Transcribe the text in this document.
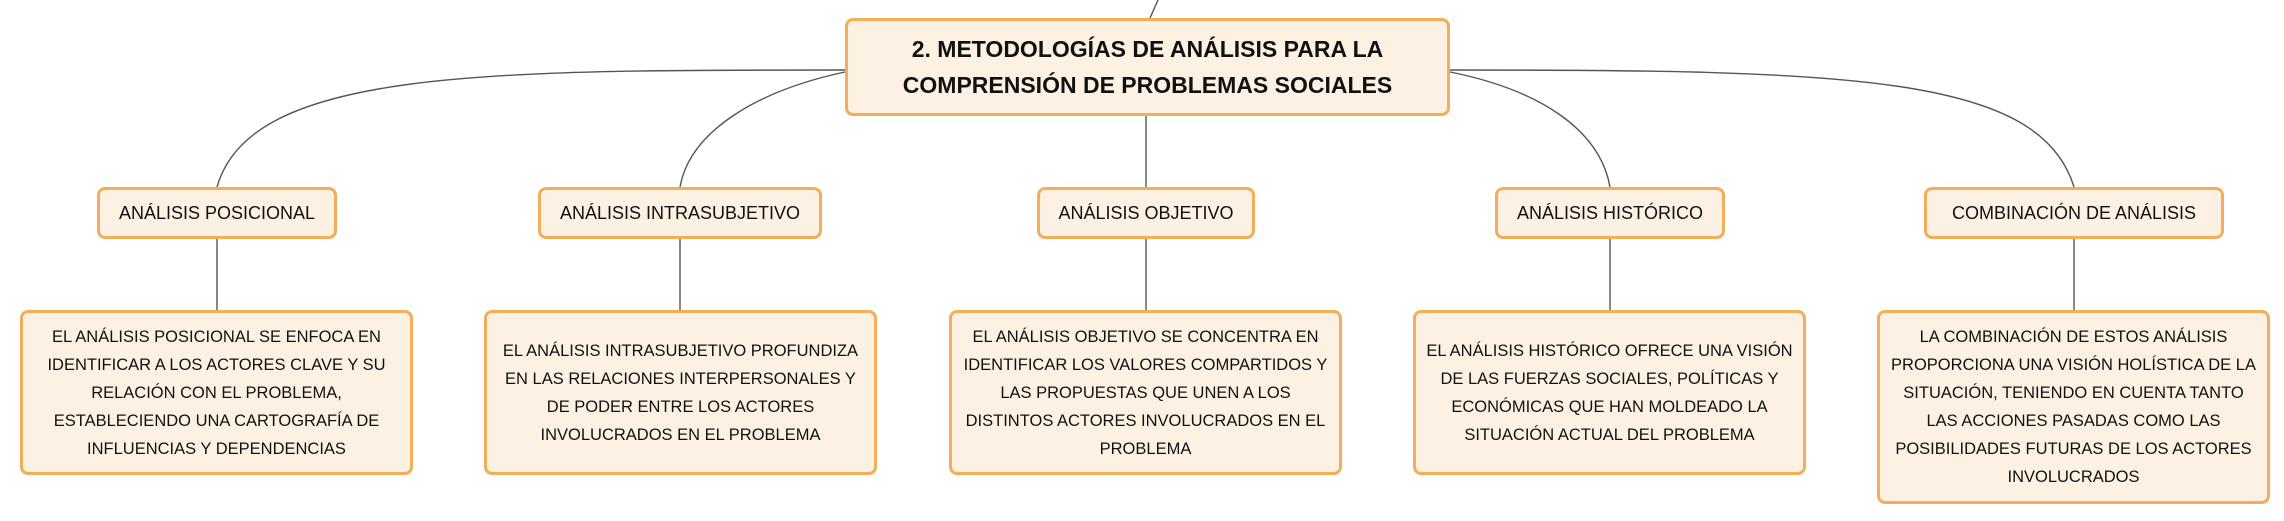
2. METODOLOGÍAS DE ANÁLISIS PARA LA COMPRENSIÓN DE PROBLEMAS SOCIALES
ANÁLISIS POSICIONAL	ANÁLISIS INTRASUBJETIVO	ANÁLISIS OBJETIVO	ANÁLISIS HISTÓRICO	COMBINACIÓN DE ANÁLISIS
EL ANÁLISIS POSICIONAL SE ENFOCA EN IDENTIFICAR A LOS ACTORES CLAVE Y SU RELACIÓN CON EL PROBLEMA, ESTABLECIENDO UNA CARTOGRAFÍA DE INFLUENCIAS Y DEPENDENCIAS
EL ANÁLISIS INTRASUBJETIVO PROFUNDIZA EN LAS RELACIONES INTERPERSONALES Y DE PODER ENTRE LOS ACTORES INVOLUCRADOS EN EL PROBLEMA
EL ANÁLISIS OBJETIVO SE CONCENTRA EN IDENTIFICAR LOS VALORES COMPARTIDOS Y LAS PROPUESTAS QUE UNEN A LOS DISTINTOS ACTORES INVOLUCRADOS EN EL PROBLEMA
EL ANÁLISIS HISTÓRICO OFRECE UNA VISIÓN DE LAS FUERZAS SOCIALES, POLÍTICAS Y ECONÓMICAS QUE HAN MOLDEADO LA SITUACIÓN ACTUAL DEL PROBLEMA
LA COMBINACIÓN DE ESTOS ANÁLISIS PROPORCIONA UNA VISIÓN HOLÍSTICA DE LA SITUACIÓN, TENIENDO EN CUENTA TANTO LAS ACCIONES PASADAS COMO LAS POSIBILIDADES FUTURAS DE LOS ACTORES INVOLUCRADOS
